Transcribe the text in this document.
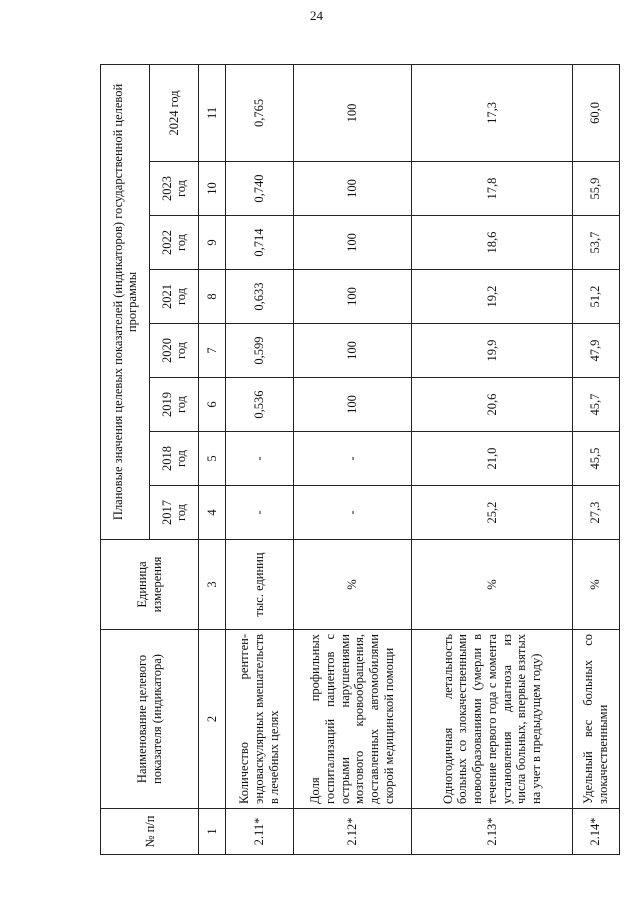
24
№ п/п	Наименование целевого показателя (индикатора)	Единица измерения	Плановые значения целевых показателей (индикаторов) государственной целевой программы							
			2017 год	2018 год	2019 год	2020 год	2021 год	2022 год	2023 год	2024 год
1	2	3	4	5	6	7	8	9	10	11
2.11*	Количество рентген-эндоваскулярных вмешательств в лечебных целях	тыс. единиц	-	-	0,536	0,599	0,633	0,714	0,740	0,765
2.12*	Доля профильных госпитализаций пациентов с острыми нарушениями мозгового кровообращения, доставленных автомобилями скорой медицинской помощи	%	-	-	100	100	100	100	100	100
2.13*	Одногодичная летальность больных со злокачественными новообразованиями (умерли в течение первого года с момента установления диагноза из числа больных, впервые взятых на учет в предыдущем году)	%	25,2	21,0	20,6	19,9	19,2	18,6	17,8	17,3
2.14*	Удельный вес больных со злокачественными	%	27,3	45,5	45,7	47,9	51,2	53,7	55,9	60,0
